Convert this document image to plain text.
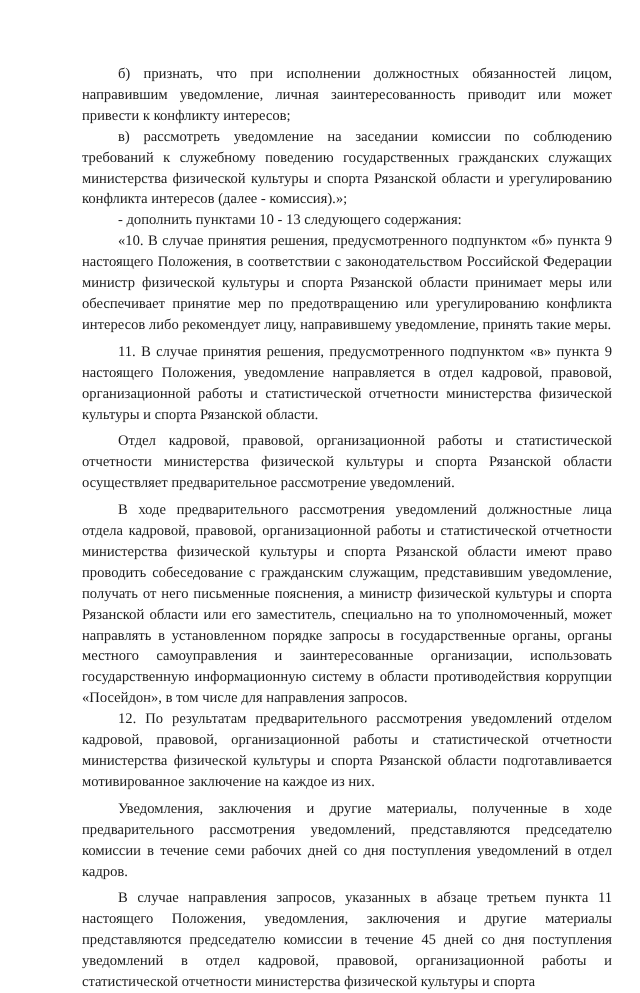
б) признать, что при исполнении должностных обязанностей лицом, направившим уведомление, личная заинтересованность приводит или может привести к конфликту интересов;

в) рассмотреть уведомление на заседании комиссии по соблюдению требований к служебному поведению государственных гражданских служащих министерства физической культуры и спорта Рязанской области и урегулированию конфликта интересов (далее - комиссия).»;

- дополнить пунктами 10 - 13 следующего содержания:

«10. В случае принятия решения, предусмотренного подпунктом «б» пункта 9 настоящего Положения, в соответствии с законодательством Российской Федерации министр физической культуры и спорта Рязанской области принимает меры или обеспечивает принятие мер по предотвращению или урегулированию конфликта интересов либо рекомендует лицу, направившему уведомление, принять такие меры.

11. В случае принятия решения, предусмотренного подпунктом «в» пункта 9 настоящего Положения, уведомление направляется в отдел кадровой, правовой, организационной работы и статистической отчетности министерства физической культуры и спорта Рязанской области.

Отдел кадровой, правовой, организационной работы и статистической отчетности министерства физической культуры и спорта Рязанской области осуществляет предварительное рассмотрение уведомлений.

В ходе предварительного рассмотрения уведомлений должностные лица отдела кадровой, правовой, организационной работы и статистической отчетности министерства физической культуры и спорта Рязанской области имеют право проводить собеседование с гражданским служащим, представившим уведомление, получать от него письменные пояснения, а министр физической культуры и спорта Рязанской области или его заместитель, специально на то уполномоченный, может направлять в установленном порядке запросы в государственные органы, органы местного самоуправления и заинтересованные организации, использовать государственную информационную систему в области противодействия коррупции «Посейдон», в том числе для направления запросов.

12. По результатам предварительного рассмотрения уведомлений отделом кадровой, правовой, организационной работы и статистической отчетности министерства физической культуры и спорта Рязанской области подготавливается мотивированное заключение на каждое из них.

Уведомления, заключения и другие материалы, полученные в ходе предварительного рассмотрения уведомлений, представляются председателю комиссии в течение семи рабочих дней со дня поступления уведомлений в отдел кадров.

В случае направления запросов, указанных в абзаце третьем пункта 11 настоящего Положения, уведомления, заключения и другие материалы представляются председателю комиссии в течение 45 дней со дня поступления уведомлений в отдел кадровой, правовой, организационной работы и статистической отчетности министерства физической культуры и спорта
